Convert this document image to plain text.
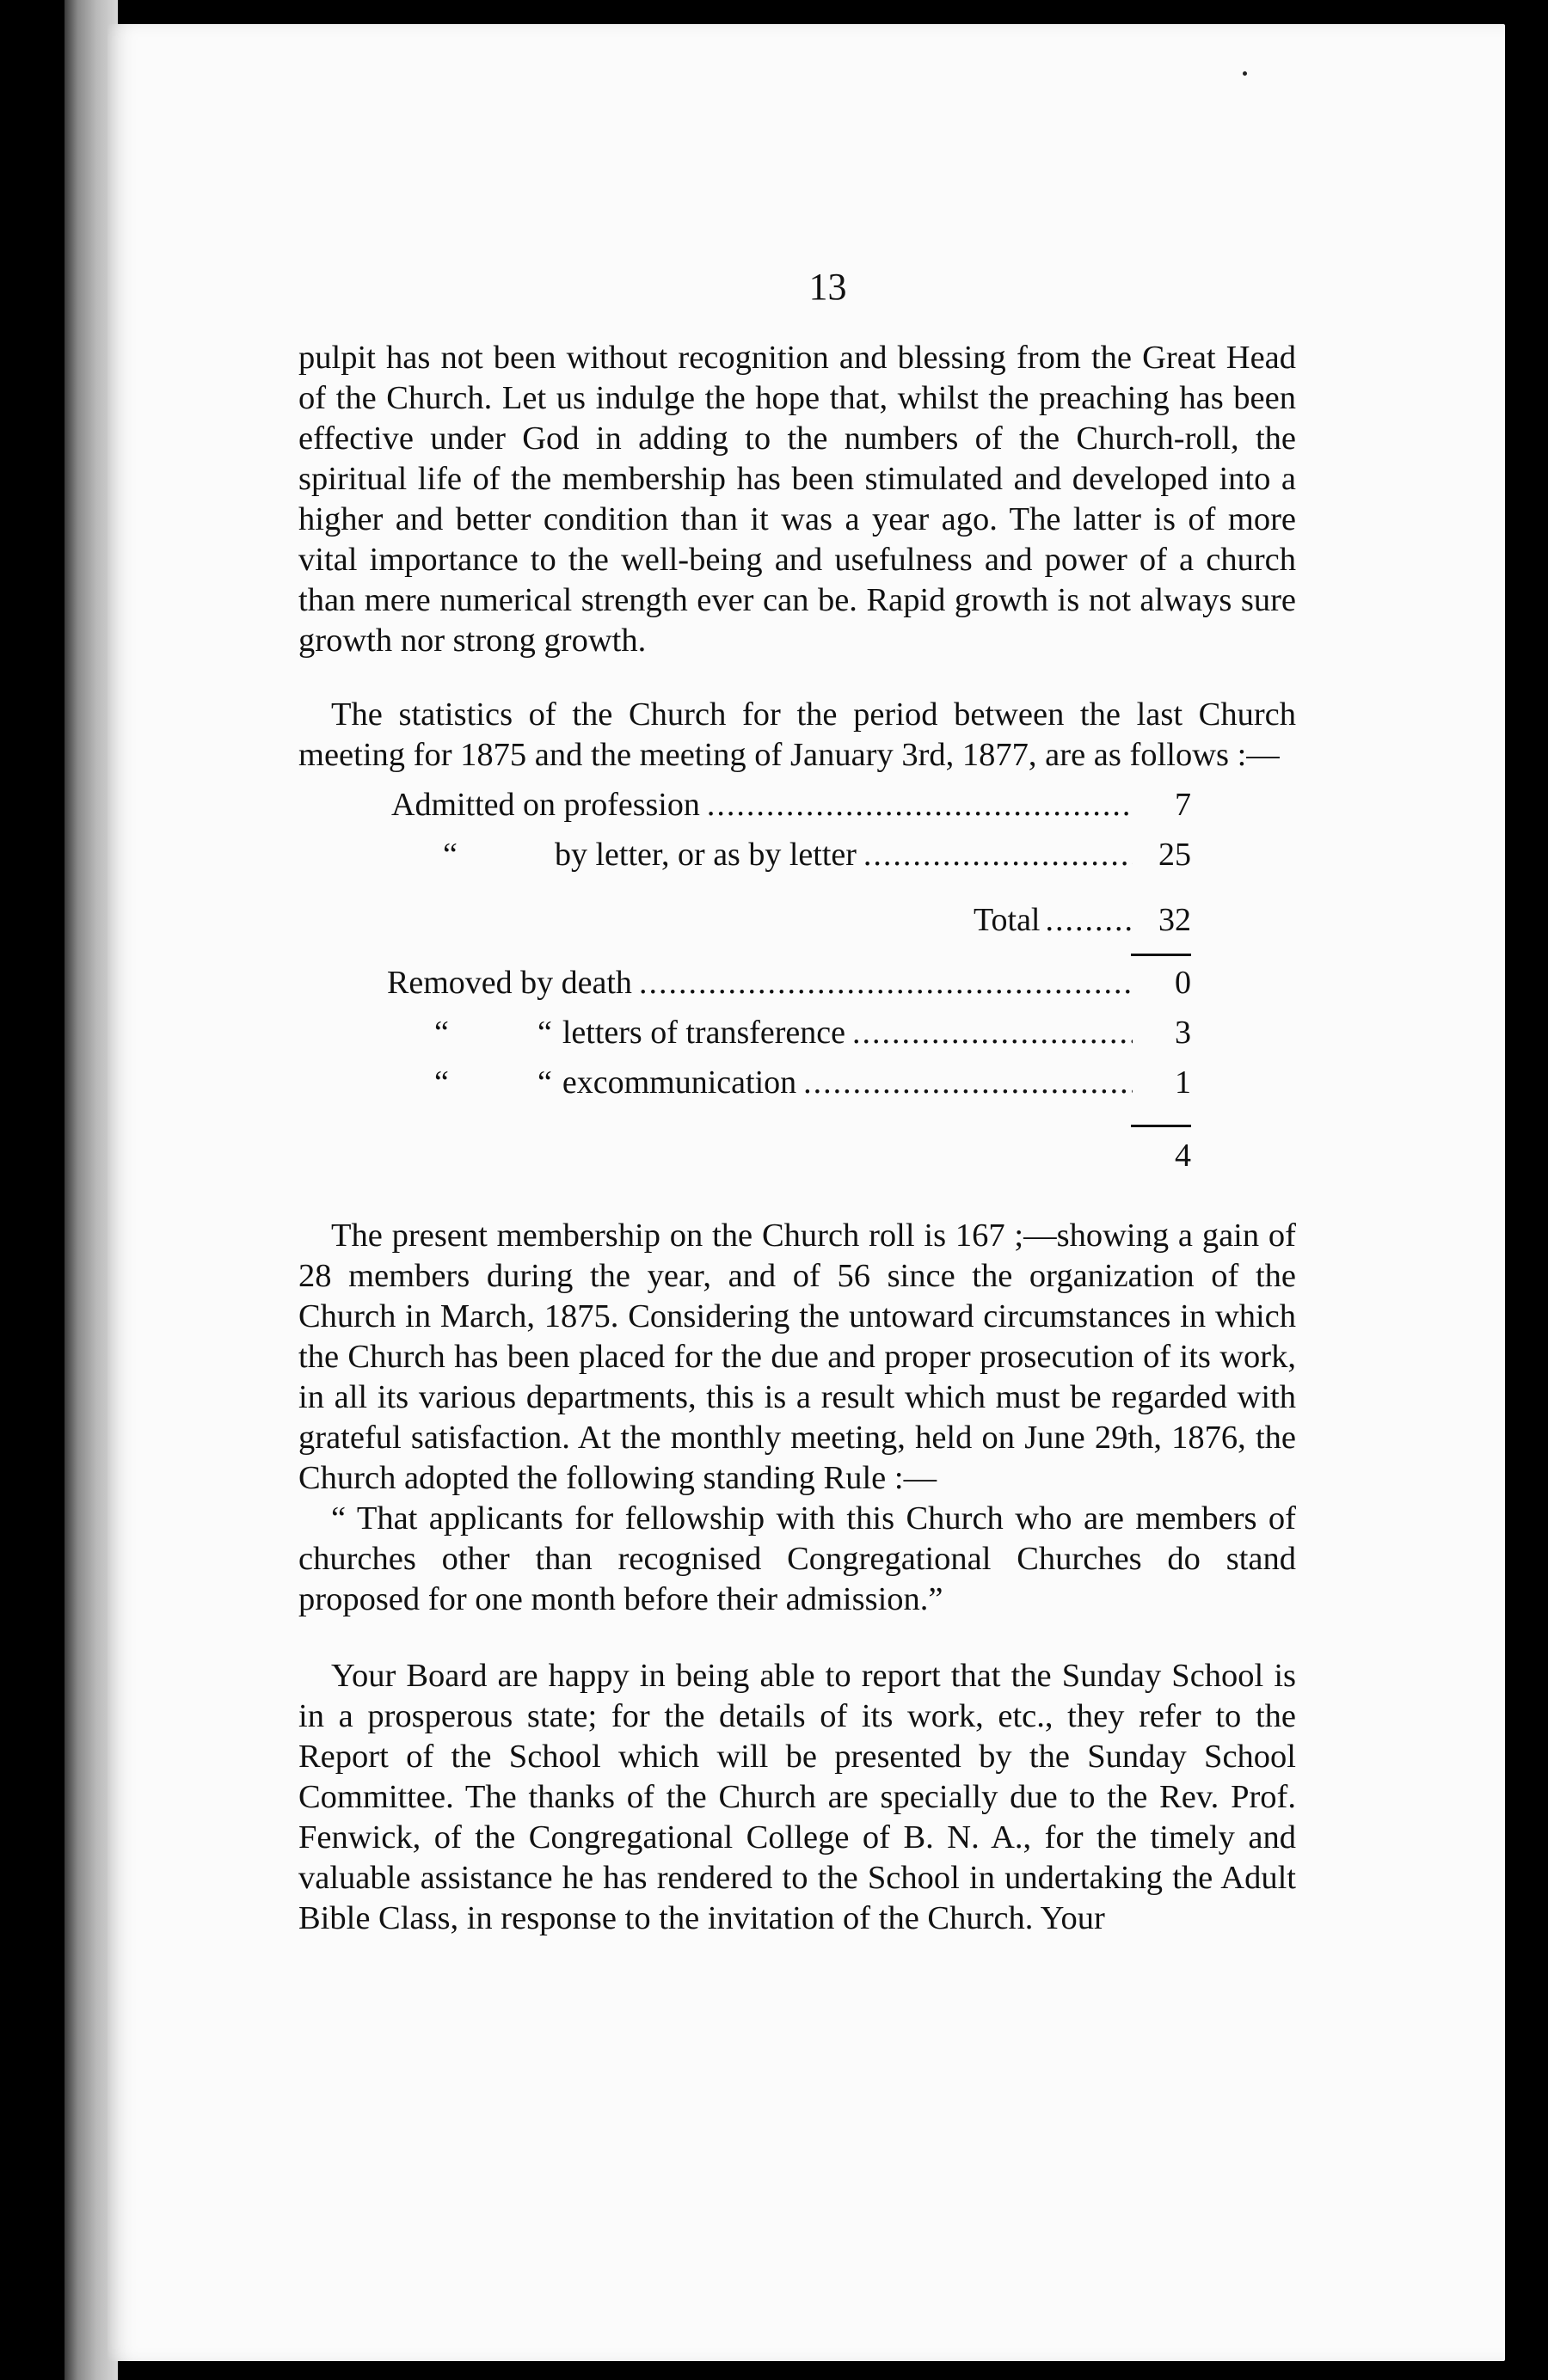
13

pulpit has not been without recognition and blessing from the Great Head of the Church. Let us indulge the hope that, whilst the preaching has been effective under God in adding to the numbers of the Church-roll, the spiritual life of the membership has been stimulated and developed into a higher and better condition than it was a year ago. The latter is of more vital importance to the well-being and usefulness and power of a church than mere numerical strength ever can be. Rapid growth is not always sure growth nor strong growth.

The statistics of the Church for the period between the last Church meeting for 1875 and the meeting of January 3rd, 1877, are as follows :—

Admitted on profession .....	7
“	by letter, or as by letter .....	25
Total ......... 32
Removed by death .....	0
“	“ letters of transference .....	3
“	“ excommunication .....	1
4

The present membership on the Church roll is 167 ;—showing a gain of 28 members during the year, and of 56 since the organization of the Church in March, 1875. Considering the untoward circumstances in which the Church has been placed for the due and proper prosecution of its work, in all its various departments, this is a result which must be regarded with grateful satisfaction. At the monthly meeting, held on June 29th, 1876, the Church adopted the following standing Rule :—

“ That applicants for fellowship with this Church who are members of churches other than recognised Congregational Churches do stand proposed for one month before their admission.”

Your Board are happy in being able to report that the Sunday School is in a prosperous state; for the details of its work, etc., they refer to the Report of the School which will be presented by the Sunday School Committee. The thanks of the Church are specially due to the Rev. Prof. Fenwick, of the Congregational College of B. N. A., for the timely and valuable assistance he has rendered to the School in undertaking the Adult Bible Class, in response to the invitation of the Church. Your
